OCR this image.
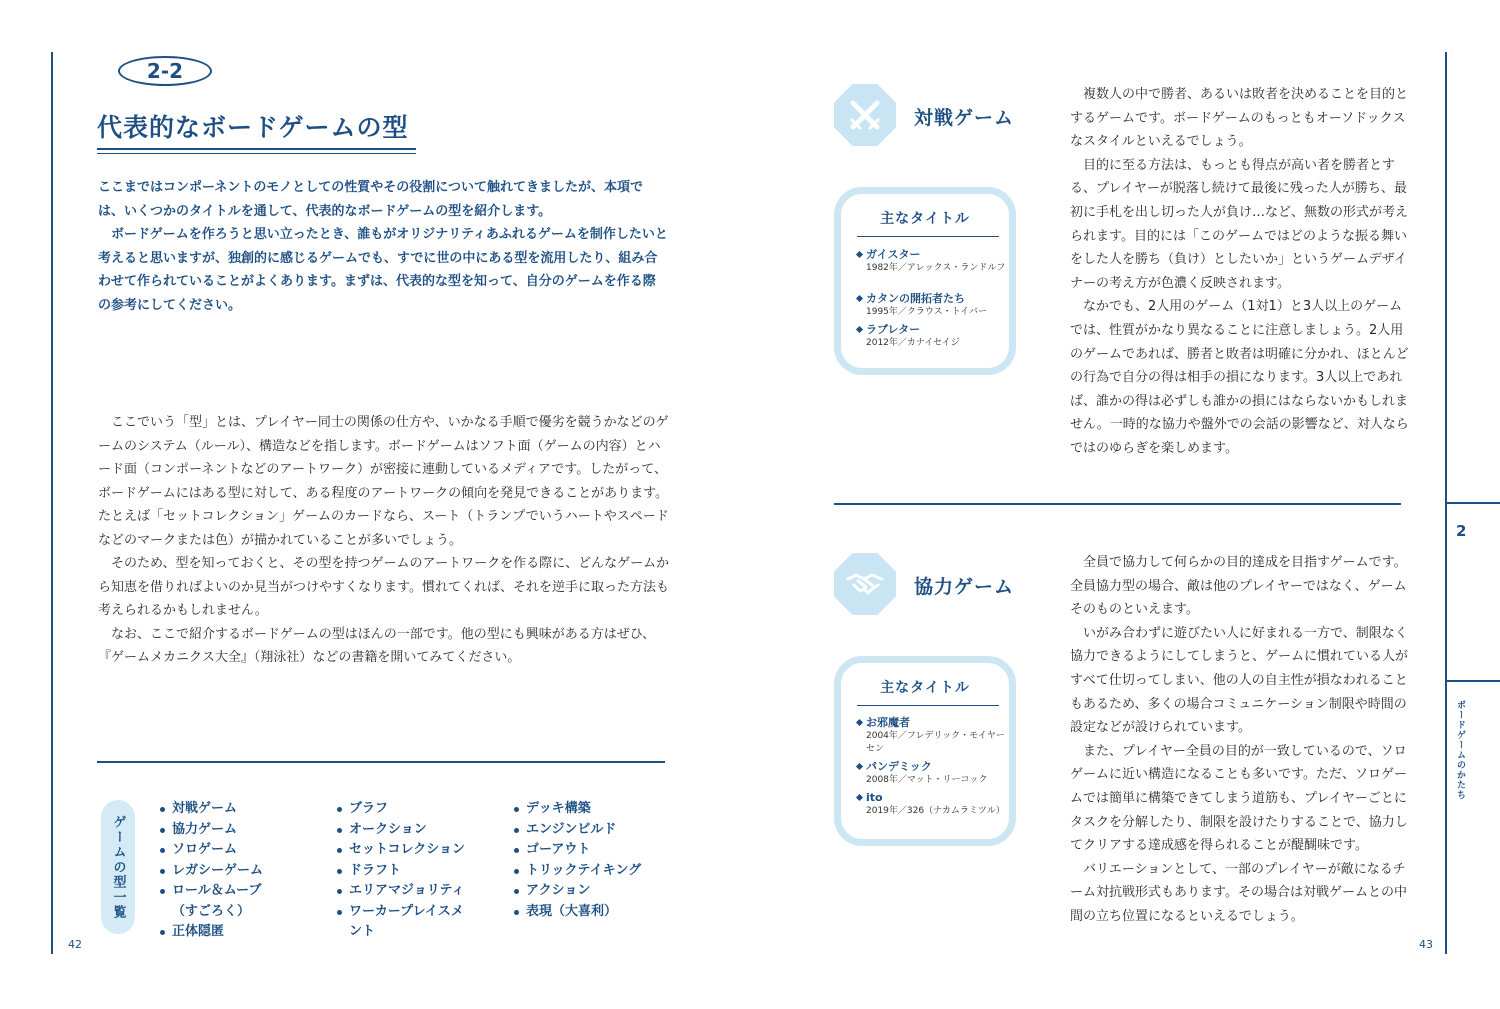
2-2
代表的なボードゲームの型

ここまではコンポーネントのモノとしての性質やその役割について触れてきましたが、本項では、いくつかのタイトルを通して、代表的なボードゲームの型を紹介します。

ボードゲームを作ろうと思い立ったとき、誰もがオリジナリティあふれるゲームを制作したいと考えると思いますが、独創的に感じるゲームでも、すでに世の中にある型を流用したり、組み合わせて作られていることがよくあります。まずは、代表的な型を知って、自分のゲームを作る際の参考にしてください。

ここでいう「型」とは、プレイヤー同士の関係の仕方や、いかなる手順で優劣を競うかなどのゲームのシステム（ルール）、構造などを指します。ボードゲームはソフト面（ゲームの内容）とハード面（コンポーネントなどのアートワーク）が密接に連動しているメディアです。したがって、ボードゲームにはある型に対して、ある程度のアートワークの傾向を発見できることがあります。たとえば「セットコレクション」ゲームのカードなら、スート（トランプでいうハートやスペードなどのマークまたは色）が描かれていることが多いでしょう。

そのため、型を知っておくと、その型を持つゲームのアートワークを作る際に、どんなゲームから知恵を借りればよいのか見当がつけやすくなります。慣れてくれば、それを逆手に取った方法も考えられるかもしれません。

なお、ここで紹介するボードゲームの型はほんの一部です。他の型にも興味がある方はぜひ、『ゲームメカニクス大全』（翔泳社）などの書籍を開いてみてください。

ゲームの型一覧
対戦ゲーム
協力ゲーム
ソロゲーム
レガシーゲーム
ロール＆ムーブ（すごろく）
正体隠匿
ブラフ
オークション
セットコレクション
ドラフト
エリアマジョリティ
ワーカープレイスメント
デッキ構築
エンジンビルド
ゴーアウト
トリックテイキング
アクション
表現（大喜利）
42
対戦ゲーム
主なタイトル
ガイスター
1982年／アレックス・ランドルフ
カタンの開拓者たち
1995年／クラウス・トイバー
ラブレター
2012年／カナイセイジ

複数人の中で勝者、あるいは敗者を決めることを目的とするゲームです。ボードゲームのもっともオーソドックスなスタイルといえるでしょう。

目的に至る方法は、もっとも得点が高い者を勝者とする、プレイヤーが脱落し続けて最後に残った人が勝ち、最初に手札を出し切った人が負け…など、無数の形式が考えられます。目的には「このゲームではどのような振る舞いをした人を勝ち（負け）としたいか」というゲームデザイナーの考え方が色濃く反映されます。

なかでも、2人用のゲーム（1対1）と3人以上のゲームでは、性質がかなり異なることに注意しましょう。2人用のゲームであれば、勝者と敗者は明確に分かれ、ほとんどの行為で自分の得は相手の損になります。3人以上であれば、誰かの得は必ずしも誰かの損にはならないかもしれません。一時的な協力や盤外での会話の影響など、対人ならではのゆらぎを楽しめます。

協力ゲーム
主なタイトル
お邪魔者
2004年／フレデリック・モイヤーセン
パンデミック
2008年／マット・リーコック
ito
2019年／326（ナカムラミツル）

全員で協力して何らかの目的達成を目指すゲームです。全員協力型の場合、敵は他のプレイヤーではなく、ゲームそのものといえます。

いがみ合わずに遊びたい人に好まれる一方で、制限なく協力できるようにしてしまうと、ゲームに慣れている人がすべて仕切ってしまい、他の人の自主性が損なわれることもあるため、多くの場合コミュニケーション制限や時間の設定などが設けられています。

また、プレイヤー全員の目的が一致しているので、ソロゲームに近い構造になることも多いです。ただ、ソロゲームでは簡単に構築できてしまう道筋も、プレイヤーごとにタスクを分解したり、制限を設けたりすることで、協力してクリアする達成感を得られることが醍醐味です。

バリエーションとして、一部のプレイヤーが敵になるチーム対抗戦形式もあります。その場合は対戦ゲームとの中間の立ち位置になるといえるでしょう。

2
ボードゲームのかたち
43
